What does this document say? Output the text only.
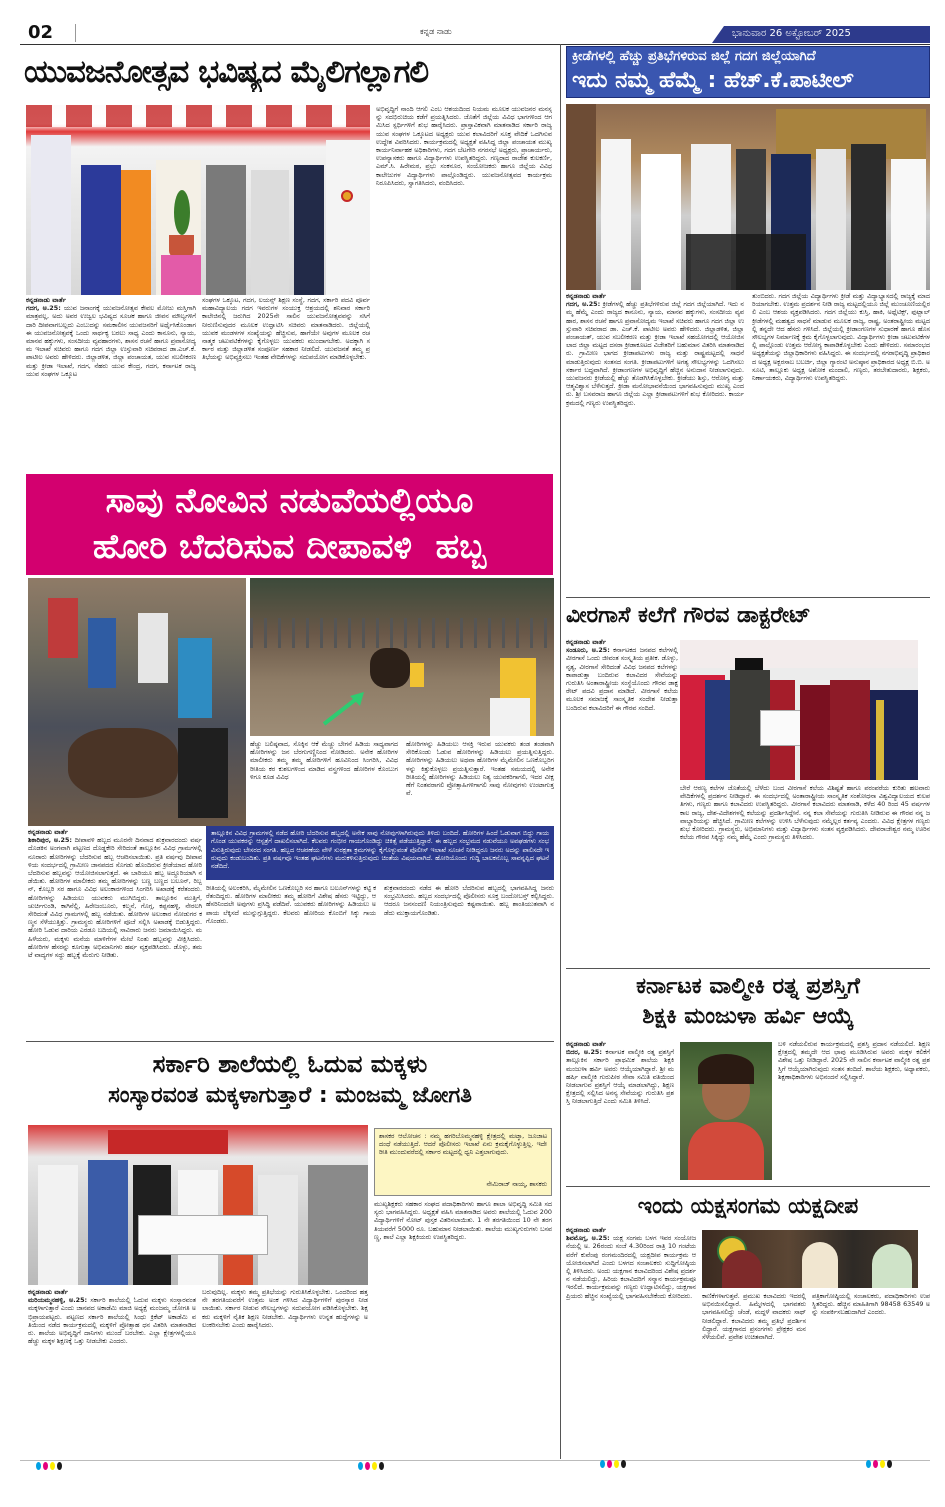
02	ಕನ್ನಡ ನಾಡು	ಭಾನುವಾರ 26 ಅಕ್ಟೋಬರ್ 2025
ಯುವಜನೋತ್ಸವ ಭವಿಷ್ಯದ ಮೈಲಿಗಲ್ಲಾಗಲಿ
ಕನ್ನಡನಾಡು ವಾರ್ತೆ
ಗದಗ, ಅ.25: ಯುವ ಜನಾಂಗಕ್ಕೆ ಯುವಜನೋತ್ಸವ ಕೇವಲ ಮೋಜು ಮಸ್ತಿಗಾಗಿ ಮಾತ್ರವಲ್ಲ, ಅದು ಅವರ ಉಜ್ವಲ ಭವಿಷ್ಯದ ಸೂಚಕ ಹಾಗೂ ಜೀವನ ಮೌಲ್ಯಗಳಿಗೆ ದಾರಿ ದೀಪವಾಗಬಲ್ಲದು ಎಂಬುದನ್ನು ಸಮಕಾಲೀನ ಯುವಜನರಿಗೆ ಅರ್ಥೈಸಿಕೊಂಡಾಗ ಈ ಯುವಜನೋತ್ಸವಕ್ಕೆ ಒಂದು ಸಾರ್ಥಕ್ಯ ಬರಲು ಸಾಧ್ಯ ಎಂದು ಕಾನೂನು, ನ್ಯಾಯ, ಮಾನವ ಹಕ್ಕುಗಳು, ಸಂಸದೀಯ ವ್ಯವಹಾರಗಳು, ಶಾಸನ ರಚನೆ ಹಾಗೂ ಪ್ರವಾಸೋದ್ಯಮ ಇಲಾಖೆ ಸಚಿವರು ಹಾಗೂ ಗದಗ ಜಿಲ್ಲಾ ಉಸ್ತುವಾರಿ ಸಚಿವರಾದ ಡಾ.ಎಚ್.ಕೆ.ಪಾಟೀಲ ಅವರು ಹೇಳಿದರು. ಜಿಲ್ಲಾಡಳಿತ, ಜಿಲ್ಲಾ ಪಂಚಾಯತ, ಯುವ ಸಬಲೀಕರಣ ಮತ್ತು ಕ್ರೀಡಾ ಇಲಾಖೆ, ಗದಗ, ನೆಹರು ಯುವ ಕೇಂದ್ರ, ಗದಗ, ಕರ್ನಾಟಕ ರಾಜ್ಯ ಯುವ ಸಂಘಗಳ ಒಕ್ಕೂಟ
ಸಂಘಗಳ ಒಕ್ಕೂಟ, ಗದಗ, ಲಯನ್ಸ್ ಶಿಕ್ಷಣ ಸಂಸ್ಥೆ, ಗದಗ, ಸರ್ಕಾರಿ ಪದವಿ ಪೂರ್ವ ಮಹಾವಿದ್ಯಾಲಯ ಗದಗ ಇವರುಗಳ ಸಂಯುಕ್ತ ಆಶ್ರಯದಲ್ಲಿ ಶನಿವಾರ ಸರ್ಕಾರಿ ಕಾಲೇಜಿನಲ್ಲಿ ಜರುಗಿದ 2025ನೇ ಸಾಲಿನ ಯುವಜನೋತ್ಸವವನ್ನು ಸಸಿಗೆ ನೀರುಣಿಸುವುದರ ಮೂಲಕ ಉದ್ಘಾಟಿಸಿ ಸಚಿವರು ಮಾತನಾಡಿದರು. ಜಿಲ್ಲೆಯಲ್ಲಿ ಯುವಕ ಮಂಡಳಗಳ ಸಂಖ್ಯೆಯನ್ನು ಹೆಚ್ಚಿಸುವ, ಹಾಗೆಯೇ ಅವುಗಳ ಮೂಲಕ ರಚನಾತ್ಮಕ ಚಟುವಟಿಕೆಗಳನ್ನು ಕೈಗೊಳ್ಳಲು ಯುವಕರು ಮುಂದಾಗಬೇಕು. ಅದಕ್ಕಾಗಿ ಸರ್ಕಾರ ಮತ್ತು ಜಿಲ್ಲಾಡಳಿತ ಸಂಪೂರ್ಣ ಸಹಕಾರ ನೀಡಲಿದೆ. ಯುವಜನತೆ ತಮ್ಮ ಪ್ರತಿಭೆಯನ್ನು ಅಭಿವ್ಯಕ್ತಿಸಲು ಇಂತಹ ವೇದಿಕೆಗಳನ್ನು ಸದುಪಯೋಗ ಮಾಡಿಕೊಳ್ಳಬೇಕು.
ಅಭಿವೃದ್ಧಿಗೆ ನಾಂದಿ ಆಗಲಿ ಎಂಬ ಆಶಯದಿಂದ ನಿಯಮ ಮೂಲಕ ಯುವಜನರ ಮನಸ್ಸನ್ನು ಸದಭಿರುಚಿಯ ಕಡೆಗೆ ಪ್ರಯತ್ನಿಸಿದರು. ಜೊತೆಗೆ ಜಿಲ್ಲೆಯ ವಿವಿಧ ಭಾಗಗಳಿಂದ ಆಗಮಿಸಿದ ಸ್ಪರ್ಧಿಗಳಿಗೆ ಶುಭ ಹಾರೈಸಿದರು. ಪ್ರಾಸ್ತಾವಿಕವಾಗಿ ಮಾತನಾಡಿದ ಸರ್ಕಾರಿ ರಾಜ್ಯ ಯುವ ಸಂಘಗಳ ಒಕ್ಕೂಟದ ಅಧ್ಯಕ್ಷರು ಯುವ ಕಲಾವಿದರಿಗೆ ಸೂಕ್ತ ವೇದಿಕೆ ಒದಗಿಸುವ ಉದ್ದೇಶ ವಿವರಿಸಿದರು. ಕಾರ್ಯಕ್ರಮದಲ್ಲಿ ಅಧ್ಯಕ್ಷತೆ ವಹಿಸಿದ್ದ ಜಿಲ್ಲಾ ಪಂಚಾಯತ ಮುಖ್ಯ ಕಾರ್ಯನಿರ್ವಾಹಕ ಅಧಿಕಾರಿಗಳು, ಗದಗ ಬೆಟಗೇರಿ ನಗರಸಭೆ ಅಧ್ಯಕ್ಷರು, ಪ್ರಾಚಾರ್ಯರು, ಉಪನ್ಯಾಸಕರು ಹಾಗೂ ವಿದ್ಯಾರ್ಥಿಗಳು ಉಪಸ್ಥಿತರಿದ್ದರು. ಗಣ್ಯರಾದ ರಾಜೇಶ ಕುಲಕರ್ಣಿ, ಎಮ್.ಸಿ. ಹಿರೇಮಠ, ಪ್ರಭು ಸಂಕನೂರ, ಸಂಯೋಜಕರು ಹಾಗೂ ಜಿಲ್ಲೆಯ ವಿವಿಧ ಕಾಲೇಜುಗಳ ವಿದ್ಯಾರ್ಥಿಗಳು ಪಾಲ್ಗೊಂಡಿದ್ದರು. ಯುವಜನೋತ್ಸವದ ಕಾರ್ಯಕ್ರಮ ನಿರೂಪಿಸಿದರು, ಸ್ವಾಗತಿಸಿದರು, ವಂದಿಸಿದರು.
ಕ್ರೀಡೆಗಳಲ್ಲಿ ಹೆಚ್ಚು ಪ್ರತಿಭೆಗಳಿರುವ ಜಿಲ್ಲೆ ಗದಗ ಜಿಲ್ಲೆಯಾಗಿದೆ
ಇದು ನಮ್ಮ ಹೆಮ್ಮೆ : ಹೆಚ್.ಕೆ.ಪಾಟೀಲ್
ಕನ್ನಡನಾಡು ವಾರ್ತೆ
ಗದಗ, ಅ.25: ಕ್ರೀಡೆಗಳಲ್ಲಿ ಹೆಚ್ಚು ಪ್ರತಿಭೆಗಳಿರುವ ಜಿಲ್ಲೆ ಗದಗ ಜಿಲ್ಲೆಯಾಗಿದೆ. ಇದು ನಮ್ಮ ಹೆಮ್ಮೆ ಎಂದು ರಾಜ್ಯದ ಕಾನೂನು, ನ್ಯಾಯ, ಮಾನವ ಹಕ್ಕುಗಳು, ಸಂಸದೀಯ ವ್ಯವಹಾರ, ಶಾಸನ ರಚನೆ ಹಾಗೂ ಪ್ರವಾಸೋದ್ಯಮ ಇಲಾಖೆ ಸಚಿವರು ಹಾಗೂ ಗದಗ ಜಿಲ್ಲಾ ಉಸ್ತುವಾರಿ ಸಚಿವರಾದ ಡಾ. ಎಚ್.ಕೆ. ಪಾಟೀಲ ಅವರು ಹೇಳಿದರು. ಜಿಲ್ಲಾಡಳಿತ, ಜಿಲ್ಲಾ ಪಂಚಾಯತ್, ಯುವ ಸಬಲೀಕರಣ ಮತ್ತು ಕ್ರೀಡಾ ಇಲಾಖೆ ಸಹಯೋಗದಲ್ಲಿ ಆಯೋಜಿಸಲಾದ ಜಿಲ್ಲಾ ಮಟ್ಟದ ದಸರಾ ಕ್ರೀಡಾಕೂಟದ ವಿಜೇತರಿಗೆ ಬಹುಮಾನ ವಿತರಿಸಿ ಮಾತನಾಡಿದರು. ಗ್ರಾಮೀಣ ಭಾಗದ ಕ್ರೀಡಾಪಟುಗಳು ರಾಜ್ಯ ಮತ್ತು ರಾಷ್ಟ್ರಮಟ್ಟದಲ್ಲಿ ಸಾಧನೆ ಮಾಡುತ್ತಿರುವುದು ಸಂತಸದ ಸಂಗತಿ. ಕ್ರೀಡಾಪಟುಗಳಿಗೆ ಅಗತ್ಯ ಸೌಲಭ್ಯಗಳನ್ನು ಒದಗಿಸಲು ಸರ್ಕಾರ ಬದ್ಧವಾಗಿದೆ. ಕ್ರೀಡಾಂಗಣಗಳ ಅಭಿವೃದ್ಧಿಗೆ ಹೆಚ್ಚಿನ ಅನುದಾನ ನೀಡಲಾಗುವುದು. ಯುವಜನರು ಕ್ರೀಡೆಯಲ್ಲಿ ಹೆಚ್ಚು ತೊಡಗಿಸಿಕೊಳ್ಳಬೇಕು. ಕ್ರೀಡೆಯು ಶಿಸ್ತು, ಆರೋಗ್ಯ ಮತ್ತು ಆತ್ಮವಿಶ್ವಾಸ ಬೆಳೆಸುತ್ತದೆ. ಕ್ರೀಡಾ ಮನೋಭಾವನೆಯಿಂದ ಭಾಗವಹಿಸುವುದು ಮುಖ್ಯ ಎಂದರು. ಶ್ರೀ ಬಸವರಾಜ ಹಾಗೂ ಜಿಲ್ಲೆಯ ಎಲ್ಲಾ ಕ್ರೀಡಾಪಟುಗಳಿಗೆ ಶುಭ ಕೋರಿದರು. ಕಾರ್ಯಕ್ರಮದಲ್ಲಿ ಗಣ್ಯರು ಉಪಸ್ಥಿತರಿದ್ದರು.
ತುಂಬಿದರು. ಗದಗ ಜಿಲ್ಲೆಯ ವಿದ್ಯಾರ್ಥಿಗಳು ಕ್ರೀಡೆ ಮತ್ತು ವಿದ್ಯಾಭ್ಯಾಸದಲ್ಲಿ ರಾಜ್ಯಕ್ಕೆ ಮಾದರಿಯಾಗಬೇಕು. ಉತ್ತಮ ಪ್ರದರ್ಶನ ನೀಡಿ ರಾಜ್ಯ ಮಟ್ಟದಲ್ಲಿಯೂ ಜಿಲ್ಲೆ ಮುಂಚೂಣಿಯಲ್ಲಿರಲಿ ಎಂಬ ಆಶಯ ವ್ಯಕ್ತಪಡಿಸಿದರು. ಗದಗ ಜಿಲ್ಲೆಯು ಕುಸ್ತಿ, ಹಾಕಿ, ಅಥ್ಲೆಟಿಕ್ಸ್, ಫುಟ್ಬಾಲ್ ಕ್ರೀಡೆಗಳಲ್ಲಿ ಮಹತ್ವದ ಸಾಧನೆ ಮಾಡುವ ಮೂಲಕ ರಾಜ್ಯ, ರಾಷ್ಟ್ರ, ಅಂತರಾಷ್ಟ್ರೀಯ ಮಟ್ಟದಲ್ಲಿ ತನ್ನದೇ ಆದ ಹೆಸರು ಗಳಿಸಿದೆ. ಜಿಲ್ಲೆಯಲ್ಲಿ ಕ್ರೀಡಾಂಗಣಗಳ ಸುಧಾರಣೆ ಹಾಗೂ ಹೊಸ ಸೌಲಭ್ಯಗಳ ನಿರ್ಮಾಣಕ್ಕೆ ಕ್ರಮ ಕೈಗೊಳ್ಳಲಾಗುವುದು. ವಿದ್ಯಾರ್ಥಿಗಳು ಕ್ರೀಡಾ ಚಟುವಟಿಕೆಗಳಲ್ಲಿ ಪಾಲ್ಗೊಂಡು ಉತ್ತಮ ಆರೋಗ್ಯ ಕಾಪಾಡಿಕೊಳ್ಳಬೇಕು ಎಂದು ಹೇಳಿದರು. ಸಮಾರಂಭದ ಅಧ್ಯಕ್ಷತೆಯನ್ನು ಜಿಲ್ಲಾಧಿಕಾರಿಗಳು ವಹಿಸಿದ್ದರು. ಈ ಸಂದರ್ಭದಲ್ಲಿ ನಗರಾಭಿವೃದ್ಧಿ ಪ್ರಾಧಿಕಾರದ ಅಧ್ಯಕ್ಷ ಅಕ್ಬರಸಾಬ ಬಬರ್ಚಿ, ಜಿಲ್ಲಾ ಗ್ಯಾರಂಟಿ ಅನುಷ್ಠಾನ ಪ್ರಾಧಿಕಾರದ ಅಧ್ಯಕ್ಷ ಬಿ.ಬಿ. ಅಸೂಟಿ, ತಾಲ್ಲೂಕು ಅಧ್ಯಕ್ಷ ಅಶೋಕ ಮಂದಾಲಿ, ಗಣ್ಯರು, ತರಬೇತುದಾರರು, ಶಿಕ್ಷಕರು, ನಿರ್ಣಾಯಕರು, ವಿದ್ಯಾರ್ಥಿಗಳು ಉಪಸ್ಥಿತರಿದ್ದರು.
ಸಾವು ನೋವಿನ ನಡುವೆಯಲ್ಲಿಯೂ
ಹೋರಿ ಬೆದರಿಸುವ ದೀಪಾವಳಿ  ಹಬ್ಬ
ಹೆಚ್ಚು ಬಲಿಷ್ಠವಾದ, ಸೊಕ್ಕಿನ ಆಕೆ ಮೆಚ್ಚು ಬೇಗನೆ ಹಿಡಿಯ ಸಾಧ್ಯವಾಗದ ಹೋರಿಗಳನ್ನು ಜನ ಬೆರಗುಗಣ್ಣಿನಿಂದ ನೋಡಿದರು. ಅನೇಕ ಹೋರಿಗಳ ಮಾಲೀಕರು ತಮ್ಮ ತಮ್ಮ ಹೋರಿಗಳಿಗೆ ಹೂವಿನಿಂದ ಸಿಂಗರಿಸಿ, ವಿವಿಧ ರೀತಿಯ ಕರ ಕುಶಲಗಳಿಂದ ಮಾಡಿದ ವಸ್ತ್ರಗಳಿಂದ ಹೋರಿಗಳ ಕೊಂಬುಗಳಿಗೂ ಕೂಡ ವಿವಿಧ
ಹೋರಿಗಳನ್ನು ಹಿಡಿಯಲು ಆಸಕ್ತಿ ಇರುವ ಯುವಕರು ತಂಡ ತಂಡವಾಗಿ ಸೇರಿಕೊಂಡು ಓಡುವ ಹೋರಿಗಳನ್ನು ಹಿಡಿಯಲು ಪ್ರಯತ್ನಿಸುತ್ತಿದ್ದರು. ಹೋರಿಗಳನ್ನು ಹಿಡಿಯಲು ಅಥವಾ ಹೋರಿಗಳ ಮೈಮೇಲಿನ ಒಣಕೊಬ್ಬರಿಗಳನ್ನು ಕಿತ್ತುಕೊಳ್ಳಲು ಪ್ರಯತ್ನಿಸುತ್ತಾರೆ. ಇಂತಹ ಸಮಯದಲ್ಲಿ ಅನೇಕ ರೀತಿಯಲ್ಲಿ ಹೋರಿಗಳನ್ನು ಹಿಡಿಯಲು ನಿತ್ಯ ಯುವಕರಿಗಾಗಲಿ, ಇದರ ವೀಕ್ಷಣೆಗೆ ನಿಂತವರಾಗಲಿ ಪ್ರೋತ್ಸಾಹಿಗಳಿಗಾಗಲಿ ಸಾವು ನೋವುಗಳು ಉಂಟಾಗುತ್ತವೆ.
ಕನ್ನಡನಾಡು ವಾರ್ತೆ
ಶಿಕಾರಿಪುರ, ಅ.25: ದೀಪಾವಳಿ ಹಬ್ಬದ ಮೂರನೇ ದಿನವಾದ ಶುಕ್ರವಾರದಂದು ವರ್ಷದೊಡಕಿನ ಅಂಗವಾಗಿ ಪಟ್ಟಣದ ದೊಡ್ಡಕೇರಿ ಸೇರಿದಂತೆ ತಾಲ್ಲೂಕಿನ ವಿವಿಧ ಗ್ರಾಮಗಳಲ್ಲಿ ನೂರಾರು ಹೋರಿಗಳನ್ನು ಬೆದರಿಸುವ ಹಬ್ಬ ಆಚರಿಸಲಾಯಿತು. ಪ್ರತಿ ವರ್ಷವು ದೀಪಾವಳಿಯ ಸಂದರ್ಭದಲ್ಲಿ ಗ್ರಾಮೀಣ ಜಾನಪದದ ಸೊಗಡು ಹೊಂದಿರುವ ಕ್ರೀಡೆಯಾದ ಹೋರಿ ಬೆದರಿಸುವ ಹಬ್ಬವನ್ನು ಆಯೋಜಿಸಲಾಗುತ್ತದೆ. ಈ ಬಾರಿಯೂ ಹಬ್ಬ ಅದ್ದೂರಿಯಾಗಿ ನಡೆಯಿತು. ಹೋರಿಗಳ ಮಾಲೀಕರು ತಮ್ಮ ಹೋರಿಗಳನ್ನು ಬಣ್ಣ ಬಣ್ಣದ ಬಲೂನ್, ರಿಬ್ಬನ್, ಕೊಬ್ಬರಿ ಸರ ಹಾಗೂ ವಿವಿಧ ಅಲಂಕಾರಗಳಿಂದ ಸಿಂಗರಿಸಿ ಅಖಾಡಕ್ಕೆ ಕರೆತಂದರು. ಹೋರಿಗಳನ್ನು ಹಿಡಿಯಲು ಯುವಕರು ಮುಗಿಬಿದ್ದರು. ತಾಲ್ಲೂಕಿನ ಮುತ್ತಿಗೆ, ಚುರ್ಚಿಗುಂಡಿ, ಕಾಗಿನೆಲ್ಲಿ, ಹಿರೇಜಂಬೂರು, ಕಲ್ಮನೆ, ಗೊಗ್ಗ, ಕಪ್ಪನಹಳ್ಳಿ, ನೇರಲಗಿ ಸೇರಿದಂತೆ ವಿವಿಧ ಗ್ರಾಮಗಳಲ್ಲಿ ಹಬ್ಬ ನಡೆಯಿತು. ಹೋರಿಗಳ ಅಲಂಕಾರ ನೋಡುಗರ ಕಣ್ಮನ ಸೆಳೆಯುತ್ತಿತ್ತು. ಗ್ರಾಮಸ್ಥರು ಹೋರಿಗಳಿಗೆ ಪೂಜೆ ಸಲ್ಲಿಸಿ ಅಖಾಡಕ್ಕೆ ಬಿಡುತ್ತಿದ್ದರು. ಹೋರಿ ಓಡುವ ದಾರಿಯ ಎರಡೂ ಬದಿಯಲ್ಲಿ ಸಾವಿರಾರು ಜನರು ಜಮಾಯಿಸಿದ್ದರು. ಮಹಿಳೆಯರು, ಮಕ್ಕಳು ಮನೆಯ ಮಾಳಿಗೆಗಳ ಮೇಲೆ ನಿಂತು ಹಬ್ಬವನ್ನು ವೀಕ್ಷಿಸಿದರು. ಹೋರಿಗಳ ಹೆಸರನ್ನು ಕೂಗುತ್ತಾ ಅಭಿಮಾನಿಗಳು ಹರ್ಷ ವ್ಯಕ್ತಪಡಿಸಿದರು. ಡೊಳ್ಳು, ತಮಟೆ ವಾದ್ಯಗಳ ಸದ್ದು ಹಬ್ಬಕ್ಕೆ ಮೆರುಗು ನೀಡಿತು.
ತಾಲ್ಲೂಕಿನ ವಿವಿಧ ಗ್ರಾಮಗಳಲ್ಲಿ ನಡೆದ ಹೋರಿ ಬೆದರಿಸುವ ಹಬ್ಬದಲ್ಲಿ ಅನೇಕ ಸಾವು ನೋವುಗಳಾಗಿರುವುದು ತಿಳಿದು ಬಂದಿದೆ. ಹೋರಿಗಳ ಹಿಂದೆ ಓಡುವಾಗ ಬಿದ್ದು ಗಾಯಗೊಂಡ ಯುವಕರನ್ನು ಆಸ್ಪತ್ರೆಗೆ ದಾಖಲಿಸಲಾಗಿದೆ. ಕೆಲವರು ಗಂಭೀರ ಗಾಯಗೊಂಡಿದ್ದು ಚಿಕಿತ್ಸೆ ಪಡೆಯುತ್ತಿದ್ದಾರೆ. ಈ ಹಬ್ಬದ ಸಂಭ್ರಮದ ನಡುವೆಯೂ ಅವಘಡಗಳು ಸಂಭವಿಸುತ್ತಿರುವುದು ಬೇಸರದ ಸಂಗತಿ. ಹಬ್ಬದ ಆಚರಣೆಯ ವೇಳೆ ಸುರಕ್ಷತಾ ಕ್ರಮಗಳನ್ನು ಕೈಗೊಳ್ಳುವಂತೆ ಪೊಲೀಸ್ ಇಲಾಖೆ ಸೂಚನೆ ನೀಡಿದ್ದರೂ ಜನರು ಅದನ್ನು ಪಾಲಿಸದೇ ಇರುವುದು ಕಂಡುಬಂದಿತು. ಪ್ರತಿ ವರ್ಷವೂ ಇಂತಹ ಘಟನೆಗಳು ಮರುಕಳಿಸುತ್ತಿರುವುದು ಚಿಂತೆಯ ವಿಷಯವಾಗಿದೆ. ಹೋರಿಯೊಂದು ಗುದ್ದಿ ಬಾಲಕನೊಬ್ಬ ಸಾವನ್ನಪ್ಪಿದ ಘಟನೆ ನಡೆದಿದೆ.
ರೀತಿಯಲ್ಲಿ ಅಲಂಕರಿಸಿ, ಮೈಮೇಲಿನ ಒಣಕೊಬ್ಬರಿ ಸರ ಹಾಗೂ ಬಲೂನ್‌ಗಳನ್ನು ಕಟ್ಟಿ ಕರೆತಂದಿದ್ದರು. ಹೋರಿಗಳ ಮಾಲೀಕರು ತಮ್ಮ ಹೋರಿಗೆ ವಿಶೇಷ ಹೆಸರು ಇಟ್ಟಿದ್ದು, ಆ ಹೆಸರಿನಿಂದಲೇ ಅವುಗಳು ಪ್ರಸಿದ್ಧಿ ಪಡೆದಿವೆ. ಯುವಕರು ಹೋರಿಗಳನ್ನು ಹಿಡಿಯಲು ಅಪಾಯ ಲೆಕ್ಕಿಸದೆ ಮುನ್ನುಗ್ಗುತ್ತಿದ್ದರು. ಕೆಲವರು ಹೋರಿಯ ಕೊಂಬಿಗೆ ಸಿಕ್ಕು ಗಾಯಗೊಂಡರು.
ಶುಕ್ರವಾರದಂದು ನಡೆದ ಈ ಹೋರಿ ಬೆದರಿಸುವ ಹಬ್ಬದಲ್ಲಿ ಭಾಗವಹಿಸಿದ್ದ ಜನರು ಸಂಭ್ರಮಿಸಿದರು. ಹಬ್ಬದ ಸಂದರ್ಭದಲ್ಲಿ ಪೊಲೀಸರು ಸೂಕ್ತ ಬಂದೋಬಸ್ತ್ ಕಲ್ಪಿಸಿದ್ದರು. ಆದರೂ ಜನಸಂದಣಿ ನಿಯಂತ್ರಿಸುವುದು ಕಷ್ಟವಾಯಿತು. ಹಬ್ಬ ಶಾಂತಿಯುತವಾಗಿ ನಡೆದು ಮುಕ್ತಾಯಗೊಂಡಿತು.
ಸರ್ಕಾರಿ ಶಾಲೆಯಲ್ಲಿ ಓದುವ ಮಕ್ಕಳು
ಸಂಸ್ಕಾರವಂತ ಮಕ್ಕಳಾಗುತ್ತಾರೆ : ಮಂಜಮ್ಮ ಜೋಗತಿ
ಶಾಸಕರ ಆಲೋಚನ : ನಮ್ಮ ಹಗರಿಬೊಮ್ಮನಹಳ್ಳಿ ಕ್ಷೇತ್ರದಲ್ಲಿ ಮಟ್ಕಾ, ಜೂಜಾಟ ದಂಧೆ ನಡೆಯುತ್ತಿದೆ. ಆದರೆ ಪೊಲೀಸರು ಇಲಾಖೆ ಏನು ಕ್ರಮಕೈಗೊಳ್ಳುತ್ತಿಲ್ಲ. ಇದೇ ರೀತಿ ಮುಂದುವರೆದಲ್ಲಿ ಸರ್ಕಾರ ಮಟ್ಟದಲ್ಲಿ ಧ್ವನಿ ಎತ್ತಲಾಗುವುದು.
ನೇಮಿರಾಜ್ ನಾಯ್ಕ, ಶಾಸಕರು
ಕನ್ನಡನಾಡು ವಾರ್ತೆ
ಮರಿಯಮ್ಮನಹಳ್ಳಿ, ಅ.25: ಸರ್ಕಾರಿ ಶಾಲೆಯಲ್ಲಿ ಓದುವ ಮಕ್ಕಳು ಸಂಸ್ಕಾರವಂತ ಮಕ್ಕಳಾಗುತ್ತಾರೆ ಎಂದು ಜಾನಪದ ಅಕಾಡೆಮಿ ಮಾಜಿ ಅಧ್ಯಕ್ಷೆ ಮಂಜಮ್ಮ ಜೋಗತಿ ಅಭಿಪ್ರಾಯಪಟ್ಟರು. ಪಟ್ಟಣದ ಸರ್ಕಾರಿ ಶಾಲೆಯಲ್ಲಿ ಸಿಂಧು ಕ್ರಿಕೆಟ್ ಅಕಾಡೆಮಿ ವತಿಯಿಂದ ನಡೆದ ಕಾರ್ಯಕ್ರಮದಲ್ಲಿ ಮಕ್ಕಳಿಗೆ ಪ್ರೋತ್ಸಾಹ ಧನ ವಿತರಿಸಿ ಮಾತನಾಡಿದರು. ಶಾಲೆಯ ಅಭಿವೃದ್ಧಿಗೆ ದಾನಿಗಳು ಮುಂದೆ ಬರಬೇಕು. ಎಲ್ಲಾ ಕ್ಷೇತ್ರಗಳಲ್ಲಿಯೂ ಹೆಚ್ಚು ಮಕ್ಕಳ ಶಿಕ್ಷಣಕ್ಕೆ ಒತ್ತು ನೀಡಬೇಕು ಎಂದರು.
ಬರುವುದಿಲ್ಲ. ಮಕ್ಕಳು ತಮ್ಮ ಪ್ರತಿಭೆಯನ್ನು ಗುರುತಿಸಿಕೊಳ್ಳಬೇಕು. ಒಂದರಿಂದ ಹತ್ತನೇ ತರಗತಿಯವರೆಗೆ ಉತ್ತಮ ಅಂಕ ಗಳಿಸಿದ ವಿದ್ಯಾರ್ಥಿಗಳಿಗೆ ಪುರಸ್ಕಾರ ನೀಡಲಾಯಿತು. ಸರ್ಕಾರ ನೀಡುವ ಸೌಲಭ್ಯಗಳನ್ನು ಸದುಪಯೋಗ ಪಡಿಸಿಕೊಳ್ಳಬೇಕು. ಶಿಕ್ಷಕರು ಮಕ್ಕಳಿಗೆ ನೈತಿಕ ಶಿಕ್ಷಣ ನೀಡಬೇಕು. ವಿದ್ಯಾರ್ಥಿಗಳು ಉನ್ನತ ಹುದ್ದೆಗಳನ್ನು ಅಲಂಕರಿಸಬೇಕು ಎಂದು ಹಾರೈಸಿದರು.
ಮುಖ್ಯಶಿಕ್ಷಕರು ಸಹಕಾರ ಸಂಘದ ಪದಾಧಿಕಾರಿಗಳು ಹಾಗೂ ಶಾಲಾ ಅಭಿವೃದ್ಧಿ ಸಮಿತಿ ಸದಸ್ಯರು ಭಾಗವಹಿಸಿದ್ದರು. ಅಧ್ಯಕ್ಷತೆ ವಹಿಸಿ ಮಾತನಾಡಿದ ಅವರು ಶಾಲೆಯಲ್ಲಿ ಓದುವ 200 ವಿದ್ಯಾರ್ಥಿಗಳಿಗೆ ನೋಟ್ ಪುಸ್ತಕ ವಿತರಿಸಲಾಯಿತು. 1 ನೇ ತರಗತಿಯಿಂದ 10 ನೇ ತರಗತಿಯವರೆಗೆ 5000 ರೂ. ಬಹುಮಾನ ನೀಡಲಾಯಿತು. ಶಾಲೆಯ ಮುಖ್ಯಗುರುಗಳು ಬಸವಣ್ಣ, ಶಾಲೆ ಎಲ್ಲಾ ಶಿಕ್ಷಕಿಯರು ಉಪಸ್ಥಿತರಿದ್ದರು.
ವೀರಗಾಸೆ ಕಲೆಗೆ ಗೌರವ ಡಾಕ್ಟರೇಟ್
ಕನ್ನಡನಾಡು ವಾರ್ತೆ
ಸಂಡೂರು, ಅ.25: ಕರ್ನಾಟಕದ ಜನಪದ ಕಲೆಗಳಲ್ಲಿ ವೀರಗಾಸೆ ಒಂದು ಜೀವಂತ ಸಂಸ್ಕೃತಿಯ ಪ್ರತೀಕ. ಡೊಳ್ಳು, ನೃತ್ಯ, ವೀರಗಾಸೆ ಸೇರಿದಂತೆ ವಿವಿಧ ಜನಪದ ಕಲೆಗಳನ್ನು ಕಾಪಾಡುತ್ತಾ ಬಂದಿರುವ ಕಲಾವಿದರ ಸೇವೆಯನ್ನು ಗುರುತಿಸಿ ಅಂತಾರಾಷ್ಟ್ರೀಯ ಸಂಸ್ಥೆಯೊಂದು ಗೌರವ ಡಾಕ್ಟರೇಟ್ ಪದವಿ ಪ್ರದಾನ ಮಾಡಿದೆ. ವೀರಗಾಸೆ ಕಲೆಯ ಮೂಲಕ ಸಮಾಜಕ್ಕೆ ಸಾಂಸ್ಕೃತಿಕ ಸಂದೇಶ ನೀಡುತ್ತಾ ಬಂದಿರುವ ಕಲಾವಿದರಿಗೆ ಈ ಗೌರವ ಸಂದಿದೆ.
ಬೇರೆ ಆರಣ್ಯ ಕಲೆಗಳ ಜೊತೆಯಲ್ಲಿ ಬೆಳೆದು ಬಂದ ವೀರಗಾಸೆ ಕಲೆಯ ವಿಶಿಷ್ಟತೆ ಹಾಗೂ ಪರಂಪರೆಯ ಕುರಿತು ಹಲವಾರು ವೇದಿಕೆಗಳಲ್ಲಿ ಪ್ರದರ್ಶನ ನೀಡಿದ್ದಾರೆ. ಈ ಸಂದರ್ಭದಲ್ಲಿ ಅಂತಾರಾಷ್ಟ್ರೀಯ ಸಾಂಸ್ಕೃತಿಕ ಸಂಶೋಧನಾ ವಿಶ್ವವಿದ್ಯಾಲಯದ ಕುಲಪತಿಗಳು, ಗಣ್ಯರು ಹಾಗೂ ಕಲಾವಿದರು ಉಪಸ್ಥಿತರಿದ್ದರು. ವೀರಗಾಸೆ ಕಲಾವಿದರು ಮಾತನಾಡಿ, ಕಳೆದ 40 ರಿಂದ 45 ವರ್ಷಗಳ ಕಾಲ ರಾಜ್ಯ, ದೇಶ-ವಿದೇಶಗಳಲ್ಲಿ ಕಲೆಯನ್ನು ಪ್ರದರ್ಶಿಸಿದ್ದೇನೆ. ನನ್ನ ಕಲಾ ಸೇವೆಯನ್ನು ಗುರುತಿಸಿ ನೀಡಿರುವ ಈ ಗೌರವ ನನ್ನ ಜವಾಬ್ದಾರಿಯನ್ನು ಹೆಚ್ಚಿಸಿದೆ. ಗ್ರಾಮೀಣ ಕಲೆಗಳನ್ನು ಉಳಿಸಿ ಬೆಳೆಸುವುದು ನಮ್ಮೆಲ್ಲರ ಕರ್ತವ್ಯ ಎಂದರು. ವಿವಿಧ ಕ್ಷೇತ್ರಗಳ ಗಣ್ಯರು ಶುಭ ಕೋರಿದರು. ಗ್ರಾಮಸ್ಥರು, ಅಭಿಮಾನಿಗಳು ಮತ್ತು ವಿದ್ಯಾರ್ಥಿಗಳು ಸಂತಸ ವ್ಯಕ್ತಪಡಿಸಿದರು. ದೇವರಾಜೇಶ್ವರ ನಮ್ಮ ಊರಿನ ಕಲೆಯ ಗೌರವ ಸಿಕ್ಕಿದ್ದು ನಮ್ಮ ಹೆಮ್ಮೆ ಎಂದು ಗ್ರಾಮಸ್ಥರು ತಿಳಿಸಿದರು.
ಕರ್ನಾಟಕ ವಾಲ್ಮೀಕಿ ರತ್ನ ಪ್ರಶಸ್ತಿಗೆ
ಶಿಕ್ಷಕಿ ಮಂಜುಳಾ ಹರ್ವಿ ಆಯ್ಕೆ
ಕನ್ನಡನಾಡು ವಾರ್ತೆ
ಬಿದರ, ಅ.25: ಕರ್ನಾಟಕ ವಾಲ್ಮೀಕಿ ರತ್ನ ಪ್ರಶಸ್ತಿಗೆ ತಾಲ್ಲೂಕಿನ ಸರ್ಕಾರಿ ಪ್ರಾಥಮಿಕ ಶಾಲೆಯ ಶಿಕ್ಷಕಿ ಮಂಜುಳಾ ಹರ್ವಿ ಅವರು ಆಯ್ಕೆಯಾಗಿದ್ದಾರೆ. ಶ್ರೀ ಮಹರ್ಷಿ ವಾಲ್ಮೀಕಿ ಗುರುಪೀಠ ಸೇವಾ ಸಮಿತಿ ವತಿಯಿಂದ ನೀಡಲಾಗುವ ಪ್ರಶಸ್ತಿಗೆ ಆಯ್ಕೆ ಮಾಡಲಾಗಿದ್ದು, ಶಿಕ್ಷಣ ಕ್ಷೇತ್ರದಲ್ಲಿ ಸಲ್ಲಿಸಿದ ಅನನ್ಯ ಸೇವೆಯನ್ನು ಗುರುತಿಸಿ ಪ್ರಶಸ್ತಿ ನೀಡಲಾಗುತ್ತಿದೆ ಎಂದು ಸಮಿತಿ ತಿಳಿಸಿದೆ.
ಬಳಿ ನಡೆಯಲಿರುವ ಕಾರ್ಯಕ್ರಮದಲ್ಲಿ ಪ್ರಶಸ್ತಿ ಪ್ರದಾನ ನಡೆಯಲಿದೆ. ಶಿಕ್ಷಣ ಕ್ಷೇತ್ರದಲ್ಲಿ ತಮ್ಮದೇ ಆದ ಛಾಪು ಮೂಡಿಸಿರುವ ಅವರು ಮಕ್ಕಳ ಕಲಿಕೆಗೆ ವಿಶೇಷ ಒತ್ತು ನೀಡಿದ್ದಾರೆ. 2025 ನೇ ಸಾಲಿನ ಕರ್ನಾಟಕ ವಾಲ್ಮೀಕಿ ರತ್ನ ಪ್ರಶಸ್ತಿಗೆ ಆಯ್ಕೆಯಾಗಿರುವುದು ಸಂತಸ ತಂದಿದೆ. ಶಾಲೆಯ ಶಿಕ್ಷಕರು, ಅಧ್ಯಾಪಕರು, ಶಿಕ್ಷಣಾಧಿಕಾರಿಗಳು ಅಭಿನಂದನೆ ಸಲ್ಲಿಸಿದ್ದಾರೆ.
ಇಂದು ಯಕ್ಷಸಂಗಮ ಯಕ್ಷದೀಪ
ಕನ್ನಡನಾಡು ವಾರ್ತೆ
ಶಿವಮೊಗ್ಗ, ಅ.25: ಯಕ್ಷ ಸಂಗಮ ಬಳಗ ಇವರ ಸಂಯೋಜನೆಯಲ್ಲಿ ಅ. 26ರಂದು ಸಂಜೆ 4.30ರಿಂದ ರಾತ್ರಿ 10 ಗಂಟೆಯವರೆಗೆ ಕುವೆಂಪು ರಂಗಮಂದಿರದಲ್ಲಿ ಯಕ್ಷದೀಪ ಕಾರ್ಯಕ್ರಮ ಆಯೋಜಿಸಲಾಗಿದೆ ಎಂದು ಬಳಗದ ಸಂಚಾಲಕರು ಸುದ್ದಿಗೋಷ್ಠಿಯಲ್ಲಿ ತಿಳಿಸಿದರು. ಅಂದು ಯಕ್ಷಗಾನ ಕಲಾವಿದರಿಂದ ವಿಶೇಷ ಪ್ರದರ್ಶನ ನಡೆಯಲಿದ್ದು, ಹಿರಿಯ ಕಲಾವಿದರಿಗೆ ಸನ್ಮಾನ ಕಾರ್ಯಕ್ರಮವೂ ಇರಲಿದೆ. ಕಾರ್ಯಕ್ರಮವನ್ನು ಗಣ್ಯರು ಉದ್ಘಾಟಿಸಲಿದ್ದು, ಯಕ್ಷಗಾನ ಪ್ರಿಯರು ಹೆಚ್ಚಿನ ಸಂಖ್ಯೆಯಲ್ಲಿ ಭಾಗವಹಿಸಬೇಕೆಂದು ಕೋರಿದರು.	ಕಾಣಿಕೆಗಳಾಗುತ್ತವೆ. ಪ್ರಮುಖ ಕಲಾವಿದರು ಇದರಲ್ಲಿ ಅಭಿನಯಿಸಲಿದ್ದಾರೆ. ಹಿಮ್ಮೇಳದಲ್ಲಿ ಭಾಗವತರು ಭಾಗವಹಿಸಲಿದ್ದು ಚೆಂಡೆ, ಮದ್ದಳೆ ವಾದಕರು ಸಾಥ್ ನೀಡಲಿದ್ದಾರೆ. ಕಲಾವಿದರು ತಮ್ಮ ಪ್ರತಿಭೆ ಪ್ರದರ್ಶಿಸಲಿದ್ದಾರೆ. ಯಕ್ಷಗಾನದ ಪ್ರಸಂಗಗಳು ಪ್ರೇಕ್ಷಕರ ಮನ ಸೆಳೆಯಲಿವೆ. ಪ್ರವೇಶ ಉಚಿತವಾಗಿದೆ.
ಪತ್ರಿಕಾಗೋಷ್ಠಿಯಲ್ಲಿ ಸಂಚಾಲಕರು, ಪದಾಧಿಕಾರಿಗಳು ಉಪಸ್ಥಿತರಿದ್ದರು. ಹೆಚ್ಚಿನ ಮಾಹಿತಿಗಾಗಿ 98458 63549 ಅನ್ನು ಸಂಪರ್ಕಿಸಬಹುದಾಗಿದೆ ಎಂದರು.
